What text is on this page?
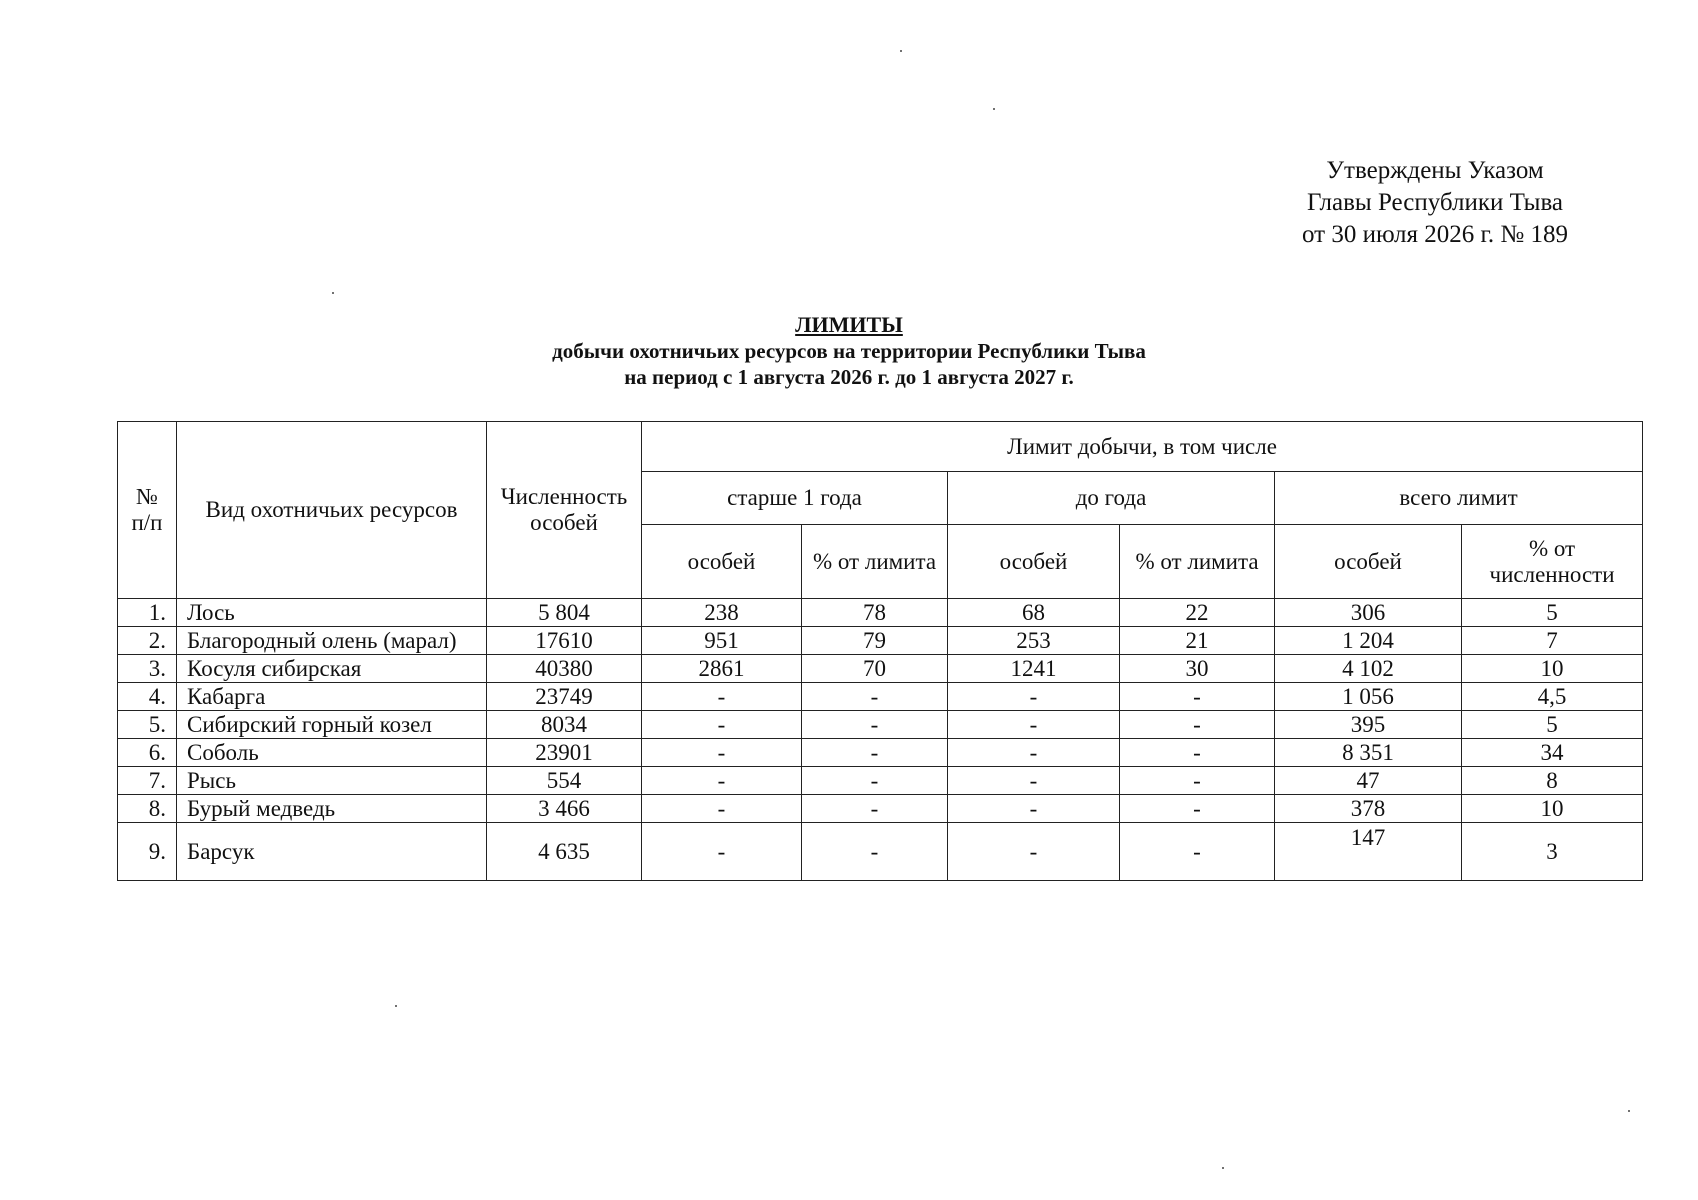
Утверждены Указом
Главы Республики Тыва
от 30 июля 2026 г. № 189
ЛИМИТЫ
добычи охотничьих ресурсов на территории Республики Тыва
на период с 1 августа 2026 г. до 1 августа 2027 г.
№ п/п	Вид охотничьих ресурсов	Численность особей	Лимит добычи, в том числе					
			старше 1 года		до года		всего лимит	
			особей	% от лимита	особей	% от лимита	особей	% от численности
1.	Лось	5 804	238	78	68	22	306	5
2.	Благородный олень (марал)	17610	951	79	253	21	1 204	7
3.	Косуля сибирская	40380	2861	70	1241	30	4 102	10
4.	Кабарга	23749	-	-	-	-	1 056	4,5
5.	Сибирский горный козел	8034	-	-	-	-	395	5
6.	Соболь	23901	-	-	-	-	8 351	34
7.	Рысь	554	-	-	-	-	47	8
8.	Бурый медведь	3 466	-	-	-	-	378	10
9.	Барсук	4 635	-	-	-	-	147	3
